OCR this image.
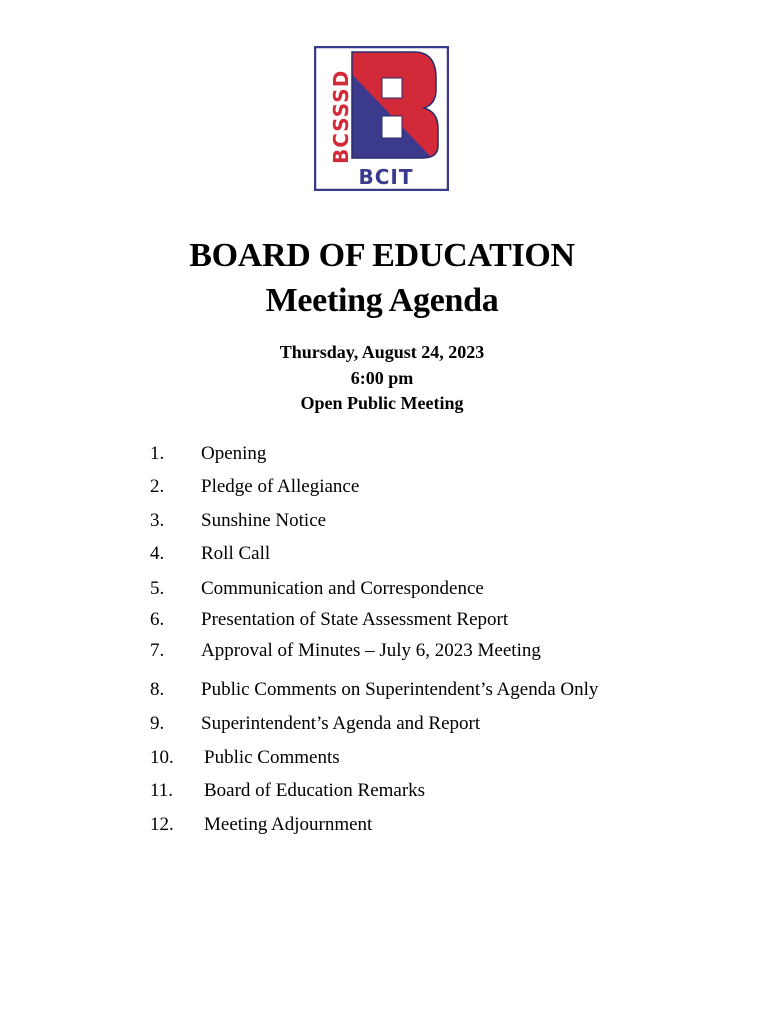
BCSSSD
BCIT
BOARD OF EDUCATION
Meeting Agenda
Thursday, August 24, 2023
6:00 pm
Open Public Meeting
1. Opening
2. Pledge of Allegiance
3. Sunshine Notice
4. Roll Call
5. Communication and Correspondence
6. Presentation of State Assessment Report
7. Approval of Minutes – July 6, 2023 Meeting
8. Public Comments on Superintendent’s Agenda Only
9. Superintendent’s Agenda and Report
10. Public Comments
11. Board of Education Remarks
12. Meeting Adjournment
